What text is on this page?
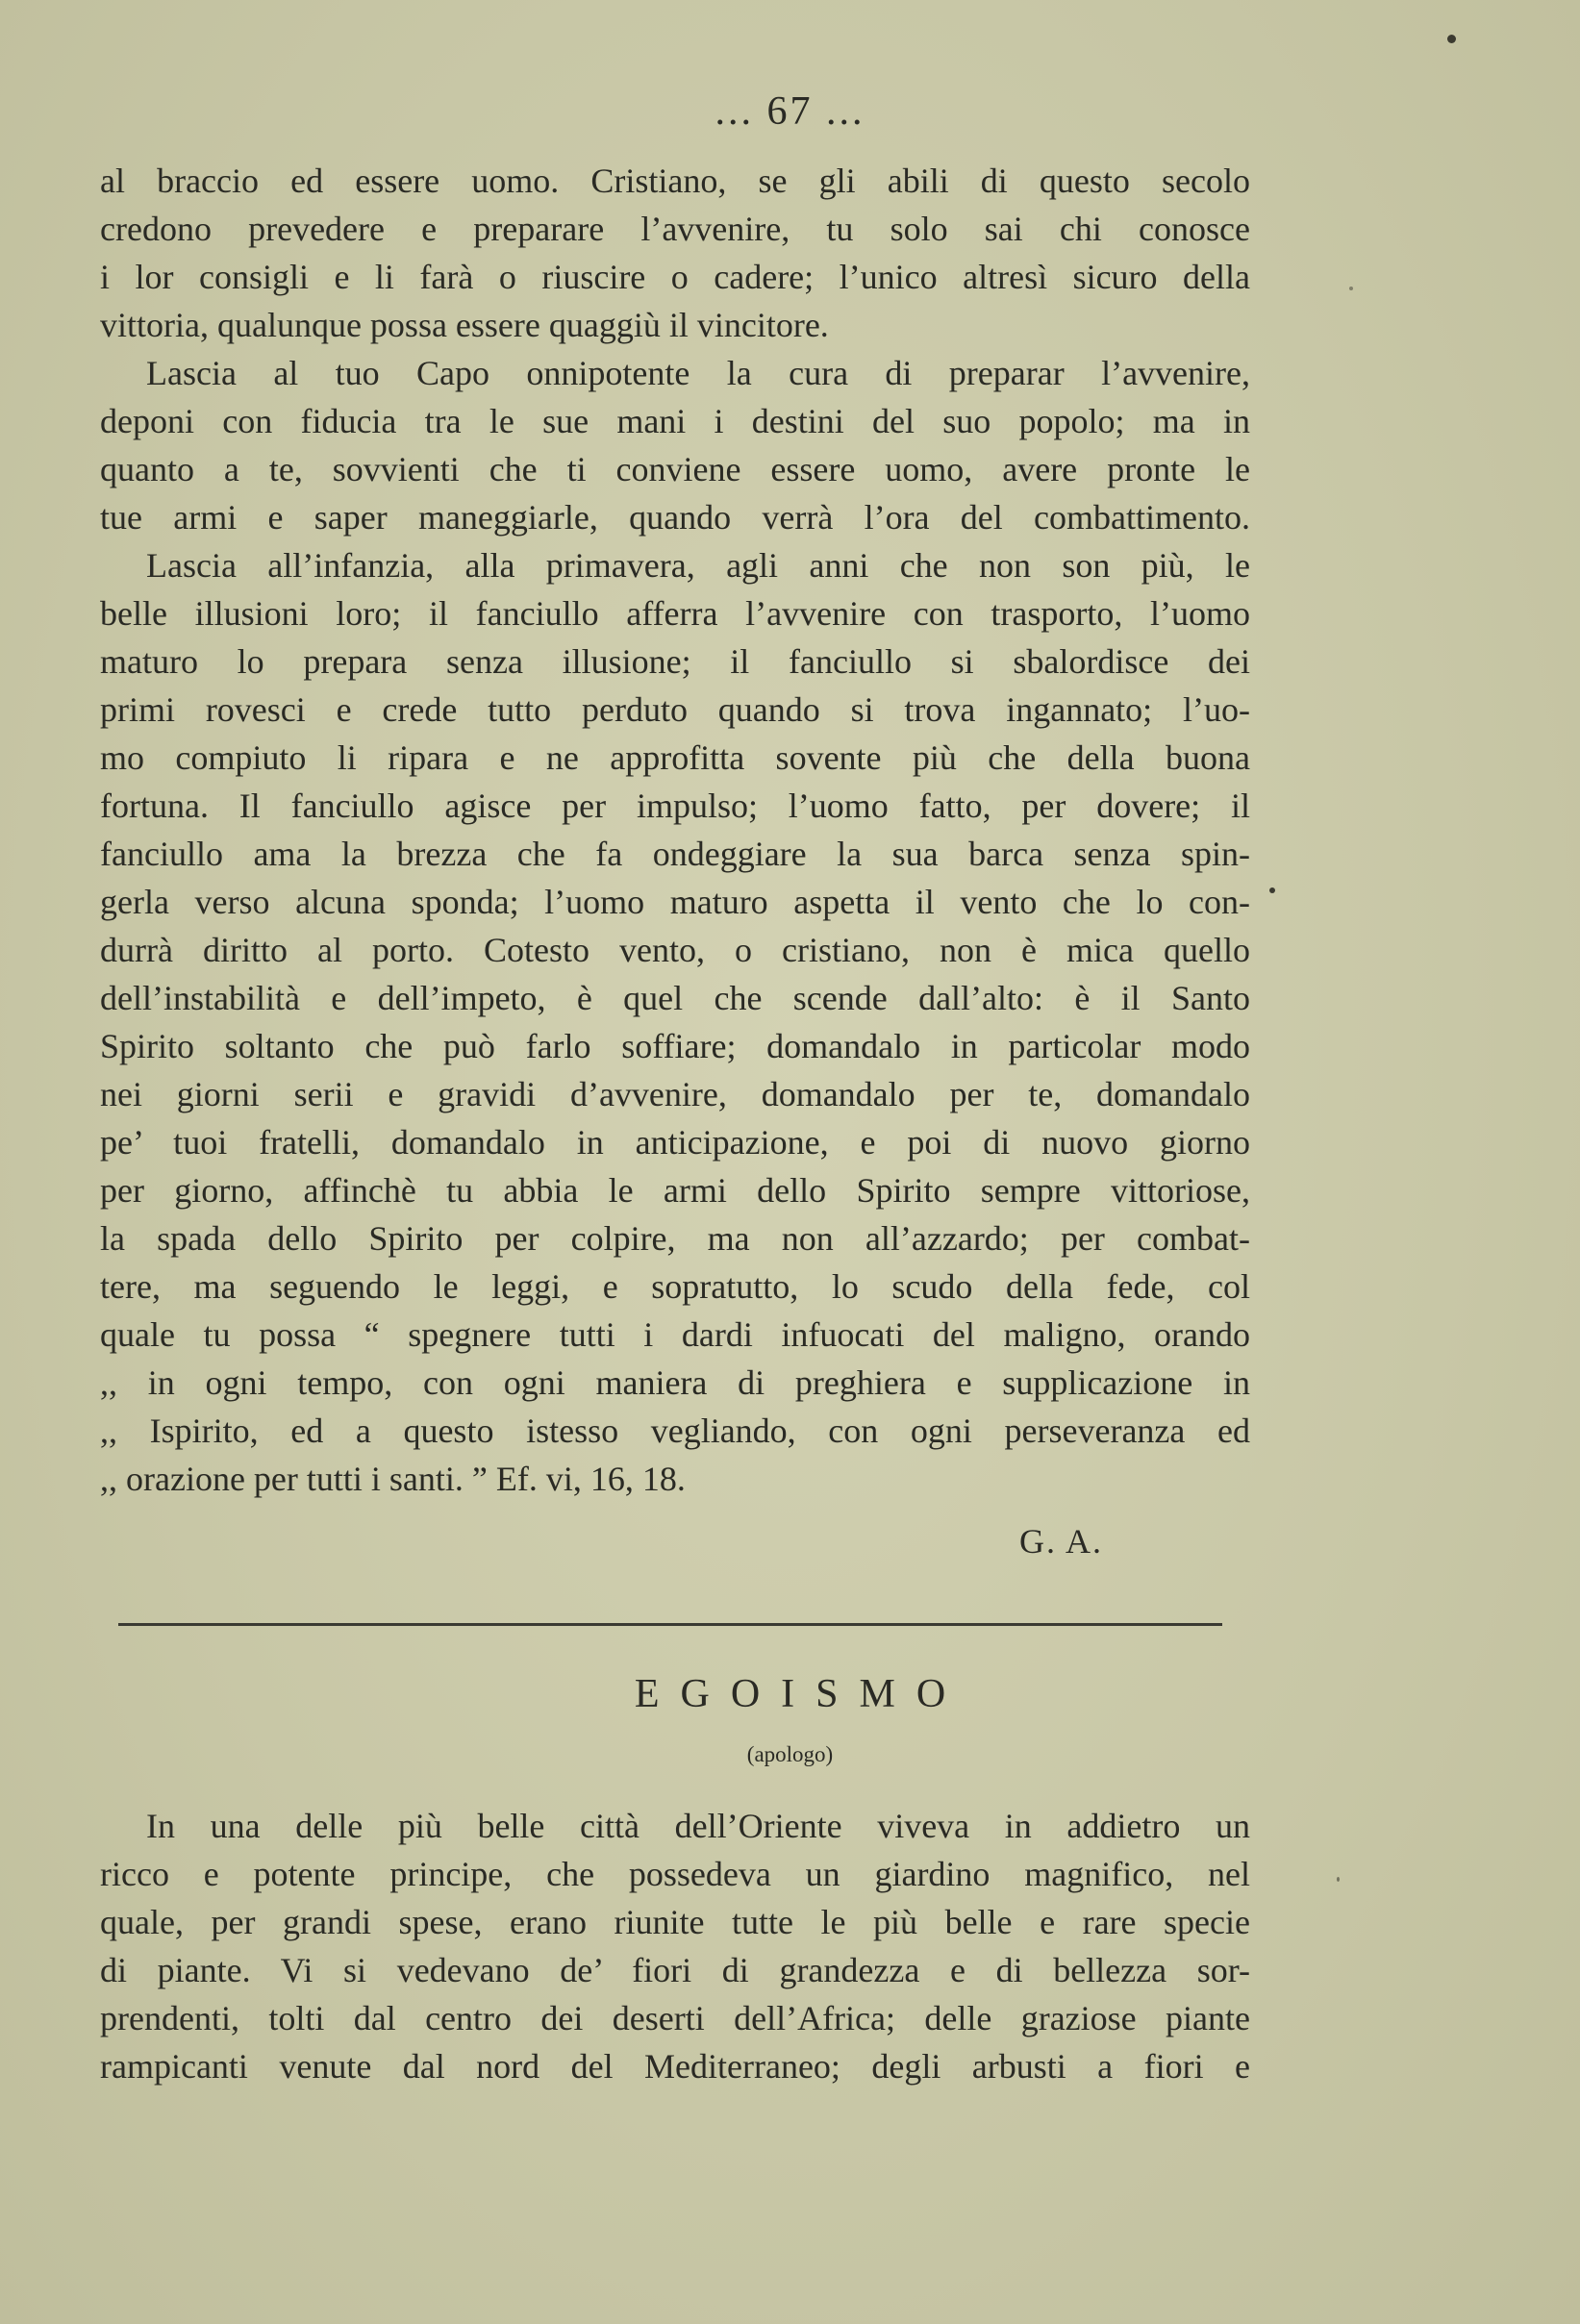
... 67 ...
al braccio ed essere uomo. Cristiano, se gli abili di questo secolo
credono prevedere e preparare l’avvenire, tu solo sai chi conosce
i lor consigli e li farà o riuscire o cadere; l’unico altresì sicuro della
vittoria, qualunque possa essere quaggiù il vincitore.
Lascia al tuo Capo onnipotente la cura di preparar l’avvenire,
deponi con fiducia tra le sue mani i destini del suo popolo; ma in
quanto a te, sovvienti che ti conviene essere uomo, avere pronte le
tue armi e saper maneggiarle, quando verrà l’ora del combattimento.
Lascia all’infanzia, alla primavera, agli anni che non son più, le
belle illusioni loro; il fanciullo afferra l’avvenire con trasporto, l’uomo
maturo lo prepara senza illusione; il fanciullo si sbalordisce dei
primi rovesci e crede tutto perduto quando si trova ingannato; l’uo-
mo compiuto li ripara e ne approfitta sovente più che della buona
fortuna. Il fanciullo agisce per impulso; l’uomo fatto, per dovere; il
fanciullo ama la brezza che fa ondeggiare la sua barca senza spin-
gerla verso alcuna sponda; l’uomo maturo aspetta il vento che lo con-
durrà diritto al porto. Cotesto vento, o cristiano, non è mica quello
dell’instabilità e dell’impeto, è quel che scende dall’alto: è il Santo
Spirito soltanto che può farlo soffiare; domandalo in particolar modo
nei giorni serii e gravidi d’avvenire, domandalo per te, domandalo
pe’ tuoi fratelli, domandalo in anticipazione, e poi di nuovo giorno
per giorno, affinchè tu abbia le armi dello Spirito sempre vittoriose,
la spada dello Spirito per colpire, ma non all’azzardo; per combat-
tere, ma seguendo le leggi, e sopratutto, lo scudo della fede, col
quale tu possa “ spegnere tutti i dardi infuocati del maligno, orando
,, in ogni tempo, con ogni maniera di preghiera e supplicazione in
,, Ispirito, ed a questo istesso vegliando, con ogni perseveranza ed
,, orazione per tutti i santi. ” Ef. vi, 16, 18.
G. A.
EGOISMO
(apologo)
In una delle più belle città dell’Oriente viveva in addietro un
ricco e potente principe, che possedeva un giardino magnifico, nel
quale, per grandi spese, erano riunite tutte le più belle e rare specie
di piante. Vi si vedevano de’ fiori di grandezza e di bellezza sor-
prendenti, tolti dal centro dei deserti dell’Africa; delle graziose piante
rampicanti venute dal nord del Mediterraneo; degli arbusti a fiori e
